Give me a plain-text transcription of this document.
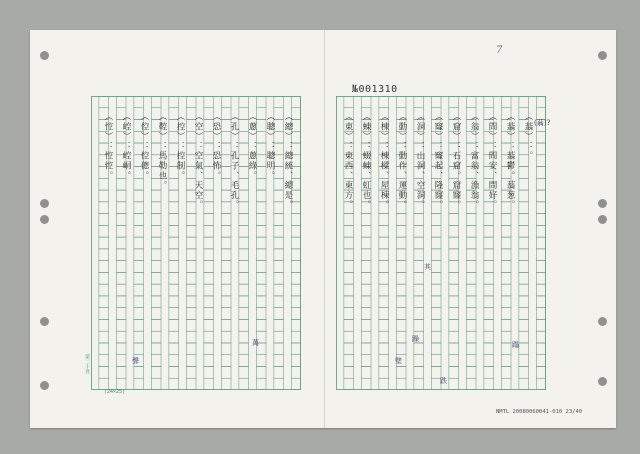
№001310
7
第二十頁
(24×25)
NMTL 20080060041-010 23/40
（蓊）：。
（蓊）：蓊鬱。蓊葱。
（問）：問安、問好。
（翁）：富翁、漁翁。
（窟）：石窟。窟窿。
（窿）：窿起、隆窿。
（洞）：山洞、空洞。
（動）：動作、運動。
（棟）：棟樑、屋棟。
（蝀）：蝃蝀、虹也。
（東）：東西、東方。
（總）：總統、總是。
（聰）：聰明。
（蔥）：蔥綠。
（孔）：孔子、毛孔。
（恐）：恐怖。
（空）：空氣、天空。
（控）：控制。
（鞚）：馬勒也。
（倥）：倥傯。
（崆）：崆峒。
（悾）：悾悾。	(蓊)?
其
跌
蹋
躁
壁
萬
聲
